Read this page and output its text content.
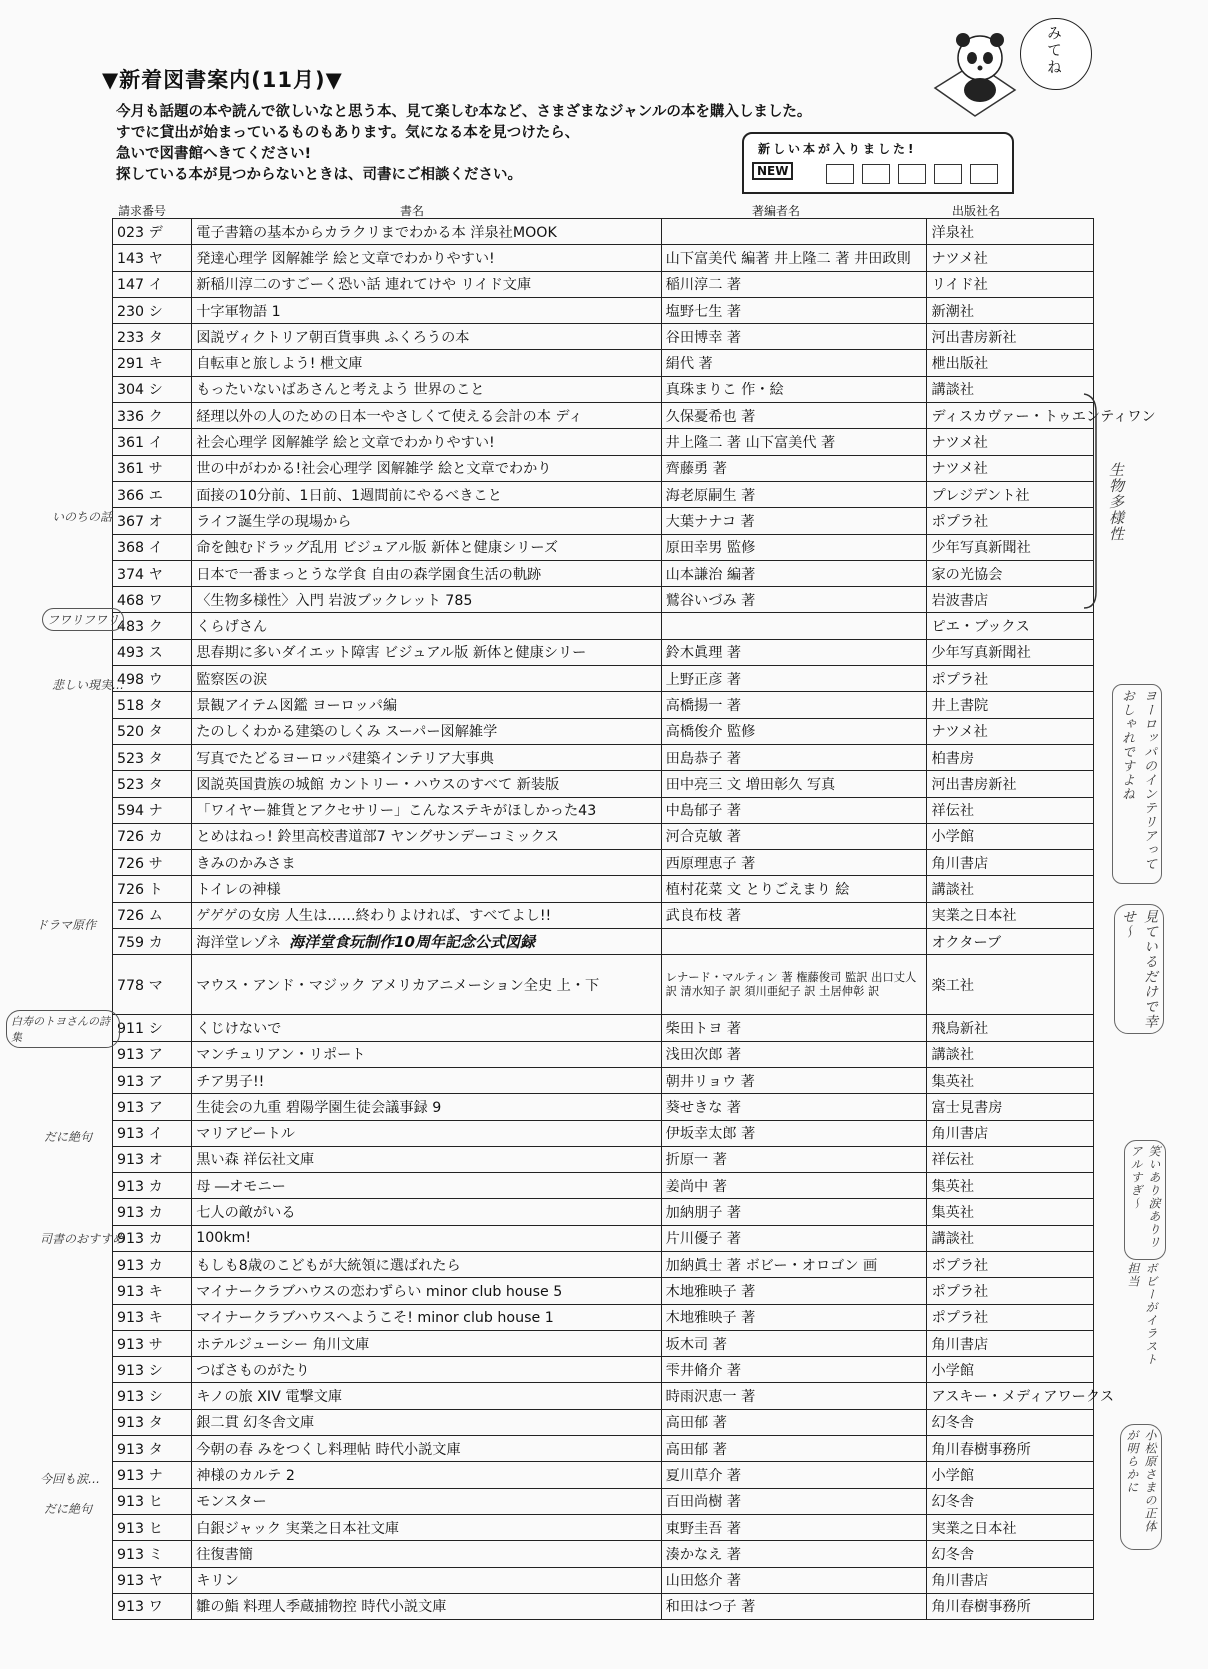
▼新着図書案内(11月)▼
今月も話題の本や読んで欲しいなと思う本、見て楽しむ本など、さまざまなジャンルの本を購入しました。
すでに貸出が始まっているものもあります。気になる本を見つけたら、
急いで図書館へきてください!
探している本が見つからないときは、司書にご相談ください。
新しい本が入りました!
NEW
みてね
請求番号	書名	著編者名	出版社名
023 デ	電子書籍の基本からカラクリまでわかる本 洋泉社MOOK		洋泉社
143 ヤ	発達心理学 図解雑学 絵と文章でわかりやすい!	山下富美代 編著 井上隆二 著 井田政則	ナツメ社
147 イ	新稲川淳二のすごーく恐い話 連れてけや リイド文庫	稲川淳二 著	リイド社
230 シ	十字軍物語 1	塩野七生 著	新潮社
233 タ	図説ヴィクトリア朝百貨事典 ふくろうの本	谷田博幸 著	河出書房新社
291 キ	自転車と旅しよう! 枻文庫	絹代 著	枻出版社
304 シ	もったいないばあさんと考えよう 世界のこと	真珠まりこ 作・絵	講談社
336 ク	経理以外の人のための日本一やさしくて使える会計の本 ディ	久保憂希也 著	ディスカヴァー・トゥエンティワン
361 イ	社会心理学 図解雑学 絵と文章でわかりやすい!	井上隆二 著 山下富美代 著	ナツメ社
361 サ	世の中がわかる!社会心理学 図解雑学 絵と文章でわかり	齊藤勇 著	ナツメ社
366 エ	面接の10分前、1日前、1週間前にやるべきこと	海老原嗣生 著	プレジデント社
367 オ	ライフ誕生学の現場から	大葉ナナコ 著	ポプラ社
368 イ	命を蝕むドラッグ乱用 ビジュアル版 新体と健康シリーズ	原田幸男 監修	少年写真新聞社
374 ヤ	日本で一番まっとうな学食 自由の森学園食生活の軌跡	山本謙治 編著	家の光協会
468 ワ	〈生物多様性〉入門 岩波ブックレット 785	鷲谷いづみ 著	岩波書店
483 ク	くらげさん		ピエ・ブックス
493 ス	思春期に多いダイエット障害 ビジュアル版 新体と健康シリー	鈴木眞理 著	少年写真新聞社
498 ウ	監察医の涙	上野正彦 著	ポプラ社
518 タ	景観アイテム図鑑 ヨーロッパ編	高橋揚一 著	井上書院
520 タ	たのしくわかる建築のしくみ スーパー図解雑学	高橋俊介 監修	ナツメ社
523 タ	写真でたどるヨーロッパ建築インテリア大事典	田島恭子 著	柏書房
523 タ	図説英国貴族の城館 カントリー・ハウスのすべて 新装版	田中亮三 文 増田彰久 写真	河出書房新社
594 ナ	「ワイヤー雑貨とアクセサリー」こんなステキがほしかった43	中島郁子 著	祥伝社
726 カ	とめはねっ! 鈴里高校書道部7 ヤングサンデーコミックス	河合克敏 著	小学館
726 サ	きみのかみさま	西原理恵子 著	角川書店
726 ト	トイレの神様	植村花菜 文 とりごえまり 絵	講談社
726 ム	ゲゲゲの女房 人生は……終わりよければ、すべてよし!!	武良布枝 著	実業之日本社
759 カ	海洋堂レゾネ 海洋堂食玩制作10周年記念公式図録		オクターブ
778 マ	マウス・アンド・マジック アメリカアニメーション全史 上・下	レナード・マルティン 著 権藤俊司 監訳 出口丈人 訳 清水知子 訳 須川亜紀子 訳 土居伸彰 訳	楽工社
911 シ	くじけないで	柴田トヨ 著	飛鳥新社
913 ア	マンチュリアン・リポート	浅田次郎 著	講談社
913 ア	チア男子!!	朝井リョウ 著	集英社
913 ア	生徒会の九重 碧陽学園生徒会議事録 9	葵せきな 著	富士見書房
913 イ	マリアビートル	伊坂幸太郎 著	角川書店
913 オ	黒い森 祥伝社文庫	折原一 著	祥伝社
913 カ	母 ―オモニー	姜尚中 著	集英社
913 カ	七人の敵がいる	加納朋子 著	集英社
913 カ	100km!	片川優子 著	講談社
913 カ	もしも8歳のこどもが大統領に選ばれたら	加納眞士 著 ボビー・オロゴン 画	ポプラ社
913 キ	マイナークラブハウスの恋わずらい minor club house 5	木地雅映子 著	ポプラ社
913 キ	マイナークラブハウスへようこそ! minor club house 1	木地雅映子 著	ポプラ社
913 サ	ホテルジューシー 角川文庫	坂木司 著	角川書店
913 シ	つばさものがたり	雫井脩介 著	小学館
913 シ	キノの旅 XIV 電撃文庫	時雨沢恵一 著	アスキー・メディアワークス
913 タ	銀二貫 幻冬舎文庫	高田郁 著	幻冬舎
913 タ	今朝の春 みをつくし料理帖 時代小説文庫	高田郁 著	角川春樹事務所
913 ナ	神様のカルテ 2	夏川草介 著	小学館
913 ヒ	モンスター	百田尚樹 著	幻冬舎
913 ヒ	白銀ジャック 実業之日本社文庫	東野圭吾 著	実業之日本社
913 ミ	往復書簡	湊かなえ 著	幻冬舎
913 ヤ	キリン	山田悠介 著	角川書店
913 ワ	雛の鮨 料理人季蔵捕物控 時代小説文庫	和田はつ子 著	角川春樹事務所
いのちの話
フワリフワリ
悲しい現実…
ドラマ原作
白寿のトヨさんの詩集
だに絶句
司書のおすすめ
今回も涙…
だに絶句
生物多様性
ヨーロッパのインテリアっておしゃれですよね
見ているだけで幸せ〜
笑いあり涙ありリアルすぎ〜
ボビーがイラスト担当
小松原さまの正体が明らかに
